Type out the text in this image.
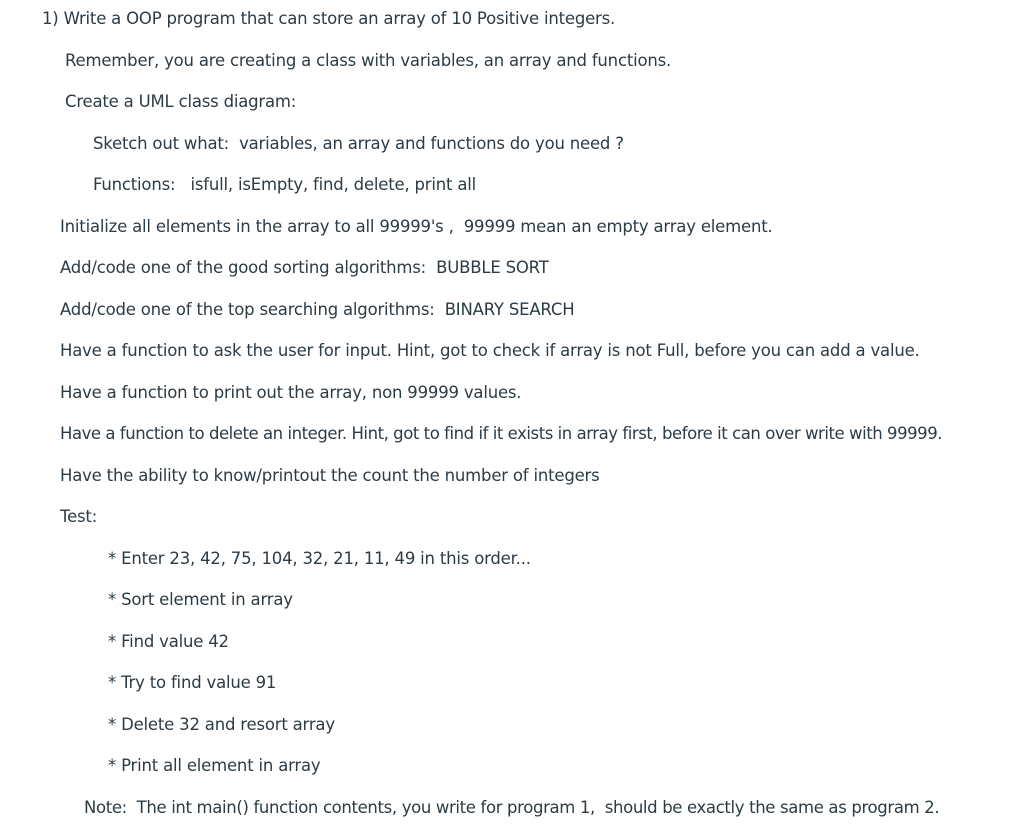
1) Write a OOP program that can store an array of 10 Positive integers.
Remember, you are creating a class with variables, an array and functions.
Create a UML class diagram:
Sketch out what:  variables, an array and functions do you need ?
Functions:   isfull, isEmpty, find, delete, print all
Initialize all elements in the array to all 99999's ,  99999 mean an empty array element.
Add/code one of the good sorting algorithms:  BUBBLE SORT
Add/code one of the top searching algorithms:  BINARY SEARCH
Have a function to ask the user for input. Hint, got to check if array is not Full, before you can add a value.
Have a function to print out the array, non 99999 values.
Have a function to delete an integer. Hint, got to find if it exists in array first, before it can over write with 99999.
Have the ability to know/printout the count the number of integers
Test:
* Enter 23, 42, 75, 104, 32, 21, 11, 49 in this order...
* Sort element in array
* Find value 42
* Try to find value 91
* Delete 32 and resort array
* Print all element in array
Note:  The int main() function contents, you write for program 1,  should be exactly the same as program 2.
